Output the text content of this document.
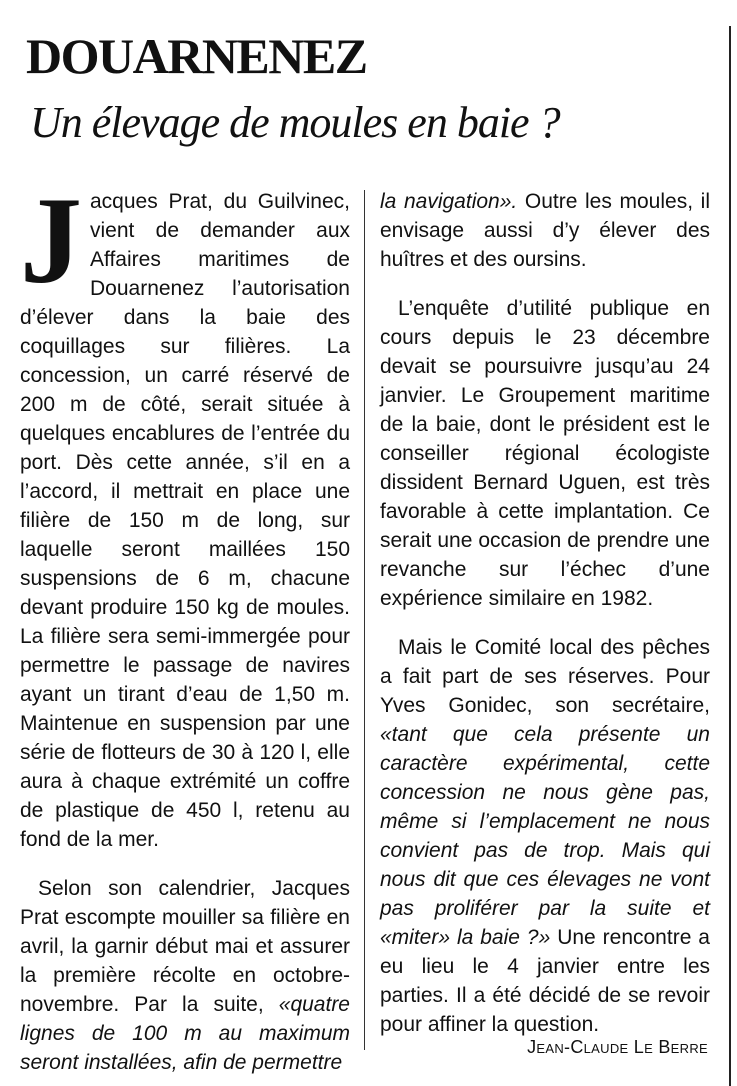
DOUARNENEZ
Un élevage de moules en baie ?

Jacques Prat, du Guilvinec, vient de demander aux Affaires maritimes de Douarnenez l’autorisation d’élever dans la baie des coquillages sur filières. La concession, un carré réservé de 200 m de côté, serait située à quelques encablures de l’entrée du port. Dès cette année, s’il en a l’accord, il mettrait en place une filière de 150 m de long, sur laquelle seront maillées 150 suspensions de 6 m, chacune devant produire 150 kg de moules. La filière sera semi-immergée pour permettre le passage de navires ayant un tirant d’eau de 1,50 m. Maintenue en suspension par une série de flotteurs de 30 à 120 l, elle aura à chaque extrémité un coffre de plastique de 450 l, retenu au fond de la mer.

Selon son calendrier, Jacques Prat escompte mouiller sa filière en avril, la garnir début mai et assurer la première récolte en octobre-novembre. Par la suite, «quatre lignes de 100 m au maximum seront installées, afin de permettre

la navigation». Outre les moules, il envisage aussi d’y élever des huîtres et des oursins.

L’enquête d’utilité publique en cours depuis le 23 décembre devait se poursuivre jusqu’au 24 janvier. Le Groupement maritime de la baie, dont le président est le conseiller régional écologiste dissident Bernard Uguen, est très favorable à cette implantation. Ce serait une occasion de prendre une revanche sur l’échec d’une expérience similaire en 1982.

Mais le Comité local des pêches a fait part de ses réserves. Pour Yves Gonidec, son secrétaire, «tant que cela présente un caractère expérimental, cette concession ne nous gène pas, même si l’emplacement ne nous convient pas de trop. Mais qui nous dit que ces élevages ne vont pas proliférer par la suite et «miter» la baie ?» Une rencontre a eu lieu le 4 janvier entre les parties. Il a été décidé de se revoir pour affiner la question.

Jean-Claude Le Berre
